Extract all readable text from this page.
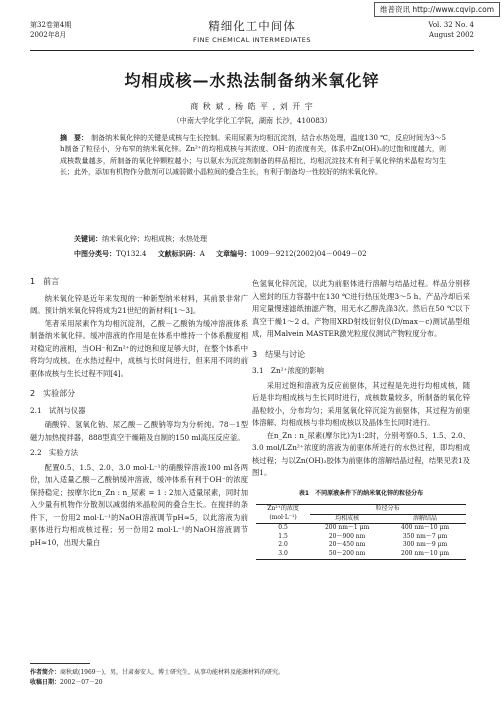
维普资讯 http://www.cqvip.com
第32卷第4期
2002年8月
精细化工中间体
FINE CHEMICAL INTERMEDIATES
Vol. 32 No. 4
August 2002
均相成核—水热法制备纳米氧化锌
商 秋 斌 , 杨 皓 平 , 刘 开 宇
（中南大学化学化工学院，湖南 长沙，410083）
摘　要： 制备纳米氧化锌的关键是成核与生长控制。采用尿素为均相沉淀剂，结合水热处理，温度130 ℃，反应时间为3～5 h制备了粒径小，分布窄的纳米氧化锌。Zn²⁺的均相成核与其浓度、OH⁻的浓度有关，体系中Zn(OH)₂的过饱和度越大，则成核数量越多，所制备的氧化锌颗粒越小；与以氨水为沉淀剂制备的样品相比，均相沉淀技术有利于氧化锌纳米晶粒均匀生长；此外，添加有机物作分散剂可以减弱微小晶粒间的叠合生长，有利于制备均一性较好的纳米氧化锌。
关键词：纳米氧化锌；均相成核；水热处理
中图分类号：TQ132.4　 文献标识码：A　 文章编号：1009－9212(2002)04－0049－02
1　前言

纳米氧化锌是近年来发现的一种新型纳米材料，其前景非常广阔。预计纳米氧化锌将成为21世纪的新材料[1～3]。

笔者采用尿素作为均相沉淀剂，乙酸－乙酸钠为缓冲溶液体系制备纳米氧化锌。缓冲溶液的作用是在体系中维持一个体系酸度相对稳定的液相，当OH⁻和Zn²⁺的过饱和度足够大时，在整个体系中将均匀成核。在水热过程中，成核与长时间进行，但来用不同的前驱体成核与生长过程不同[4]。

2　实验部分
2.1　试剂与仪器

硝酸锌、氢氧化钠、尿乙酸－乙酸钠等均为分析纯。78－1型磁力加热搅拌器，888型真空干燥箱及自制的150 ml高压反应釜。

2.2　实验方法

配置0.5、1.5、2.0、3.0 mol·L⁻¹的硝酸锌溶液100 ml各两份，加入适量乙酸－乙酸钠缓冲溶液，缓冲体系有利于OH⁻的浓度保持稳定；按摩尔比n_Zn : n_尿素 = 1 : 2加入适量尿素，同时加入少量有机物作分散剂以减弱纳米晶粒间的叠合生长。在搅拌的条件下，一份用2 mol·L⁻¹的NaOH溶液调节pH≈5，以此溶液为前驱体进行均相成核过程；另一份用2 mol·L⁻¹的NaOH溶液调节pH≈10，出现大量白

色氢氧化锌沉淀，以此为前驱体进行溶解与结晶过程。样品分别移入密封的压力容器中在130 ℃进行热压处理3～5 h。产品冷却后采用定量慢速滤纸抽滤产物，用无水乙醇洗涤3次。然后在50 ℃以下真空干燥1～2 d。产物用XRD射线衍射仪(D/max－c)测试晶型组成，用Malvein MASTER激光粒度仪测试产物粒度分布。

3　结果与讨论
3.1　Zn²⁺浓度的影响

采用过饱和溶液为反应前驱体，其过程是先进行均相成核，随后是非均相成核与生长同时进行，成核数量较多，所制备的氧化锌晶粒较小，分布均匀；采用氢氧化锌沉淀为前驱体，其过程为前驱体溶解、均相成核与非均相成核以及晶体生长同时进行。

在n_Zn : n_尿素(摩尔比)为1:2时，分别考察0.5、1.5、2.0、3.0 mol/LZn²⁺浓度的溶液为前驱体所进行的水热过程，即均相成核过程；与以Zn(OH)₂胶体为前驱体的溶解结晶过程，结果见表1及图1。

表1　不同原液条件下的纳米氧化锌的粒径分布
Zn²⁺的浓度	粒径分布	
(mol·L⁻¹)	均相成核	溶解结晶
0.5	200 nm～1 μm	400 nm～10 μm
1.5	20～900 nm	350 nm～7 μm
2.0	20～450 nm	300 nm～9 μm
3.0	50～200 nm	200 nm～10 μm
作者简介：商秋斌(1969－)，男，甘肃秦安人，博士研究生，从事功能材料及能源材料的研究。
收稿日期：2002－07－20
